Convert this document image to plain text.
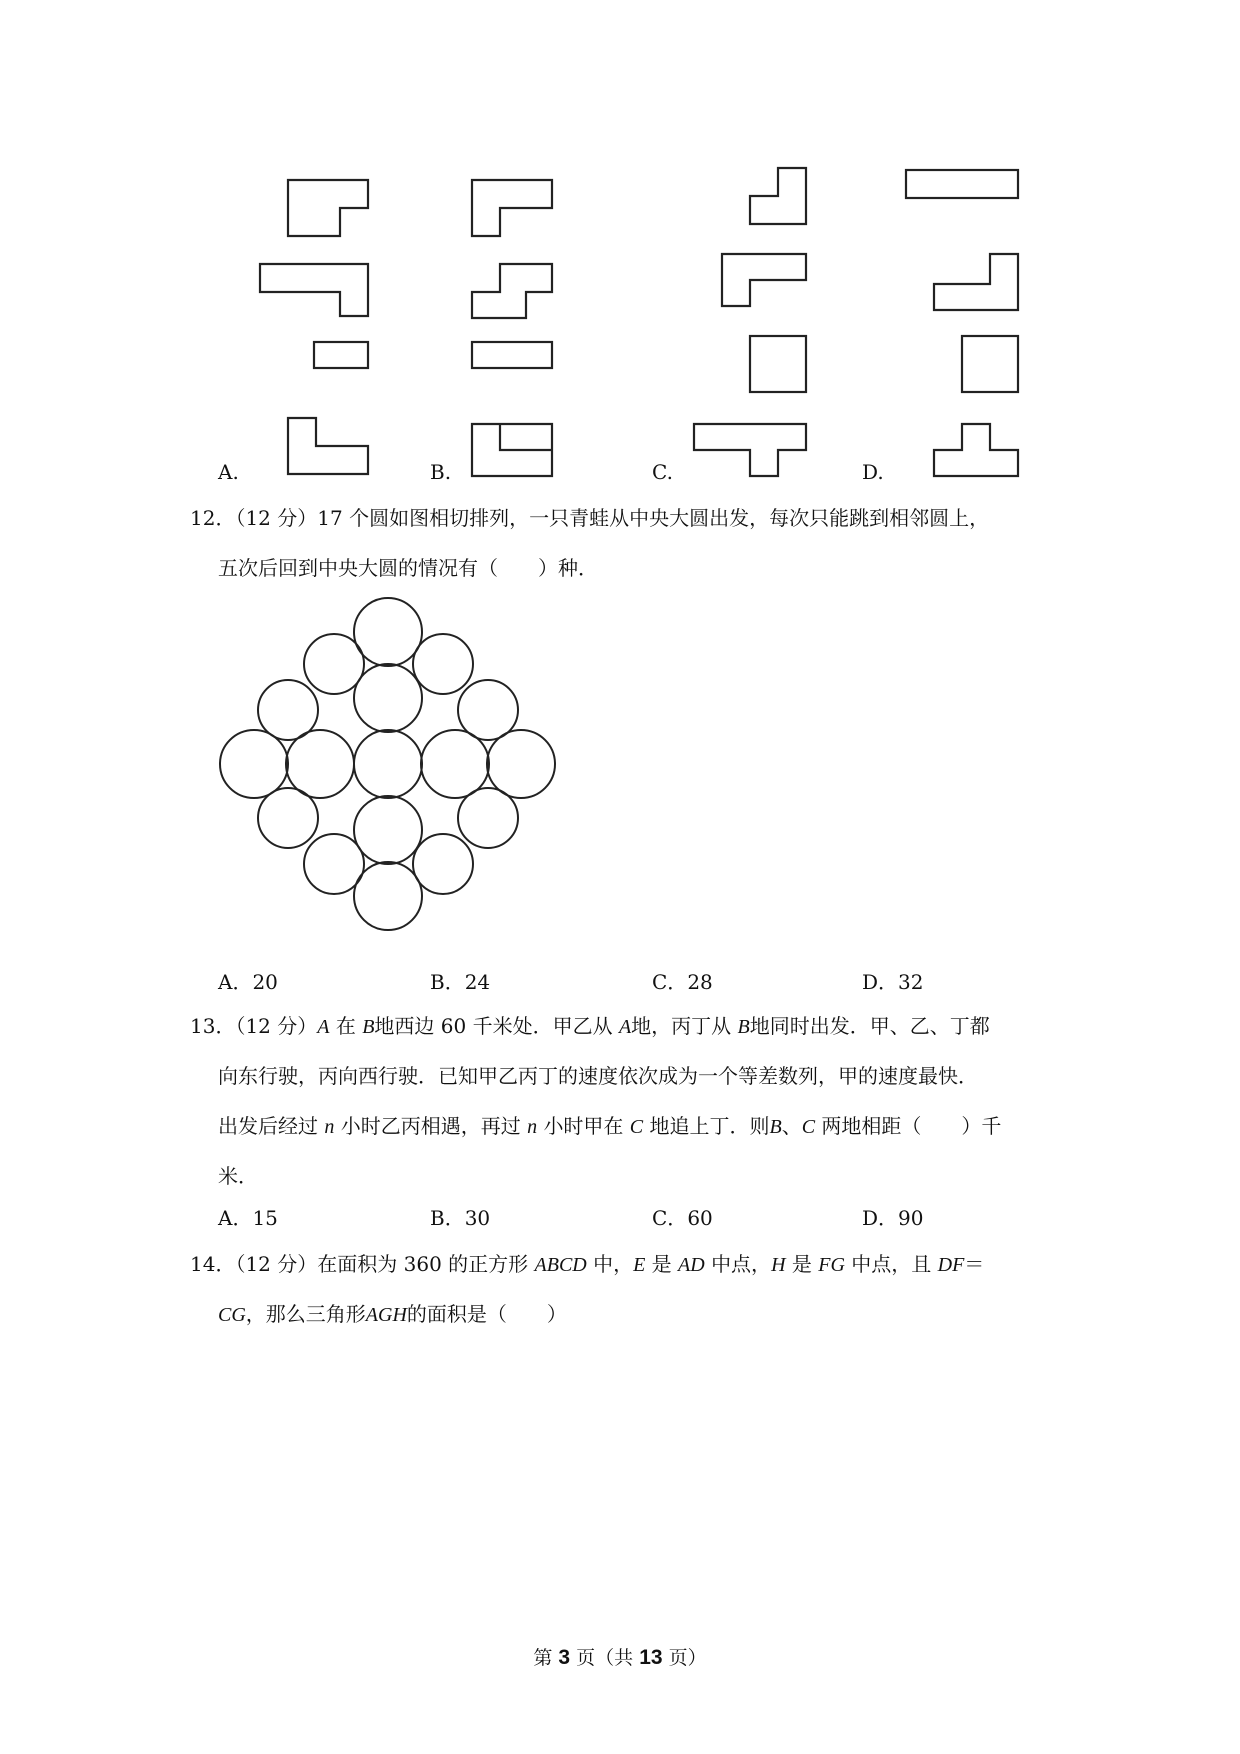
A.	B.	C.	D.
12．（12 分）17 个圆如图相切排列，一只青蛙从中央大圆出发，每次只能跳到相邻圆上，
五次后回到中央大圆的情况有（　　）种．
A．20	B．24	C．28	D．32
13．（12 分）A 在 B地西边 60 千米处．甲乙从 A地，丙丁从 B地同时出发．甲、乙、丁都
向东行驶，丙向西行驶．已知甲乙丙丁的速度依次成为一个等差数列，甲的速度最快．
出发后经过 n 小时乙丙相遇，再过 n 小时甲在 C 地追上丁．则B、C 两地相距（　　）千
米．
A．15	B．30	C．60	D．90
14．（12 分）在面积为 360 的正方形 ABCD 中，E 是 AD 中点，H 是 FG 中点，且 DF＝
CG，那么三角形AGH的面积是（　　）
第 3 页（共 13 页）
